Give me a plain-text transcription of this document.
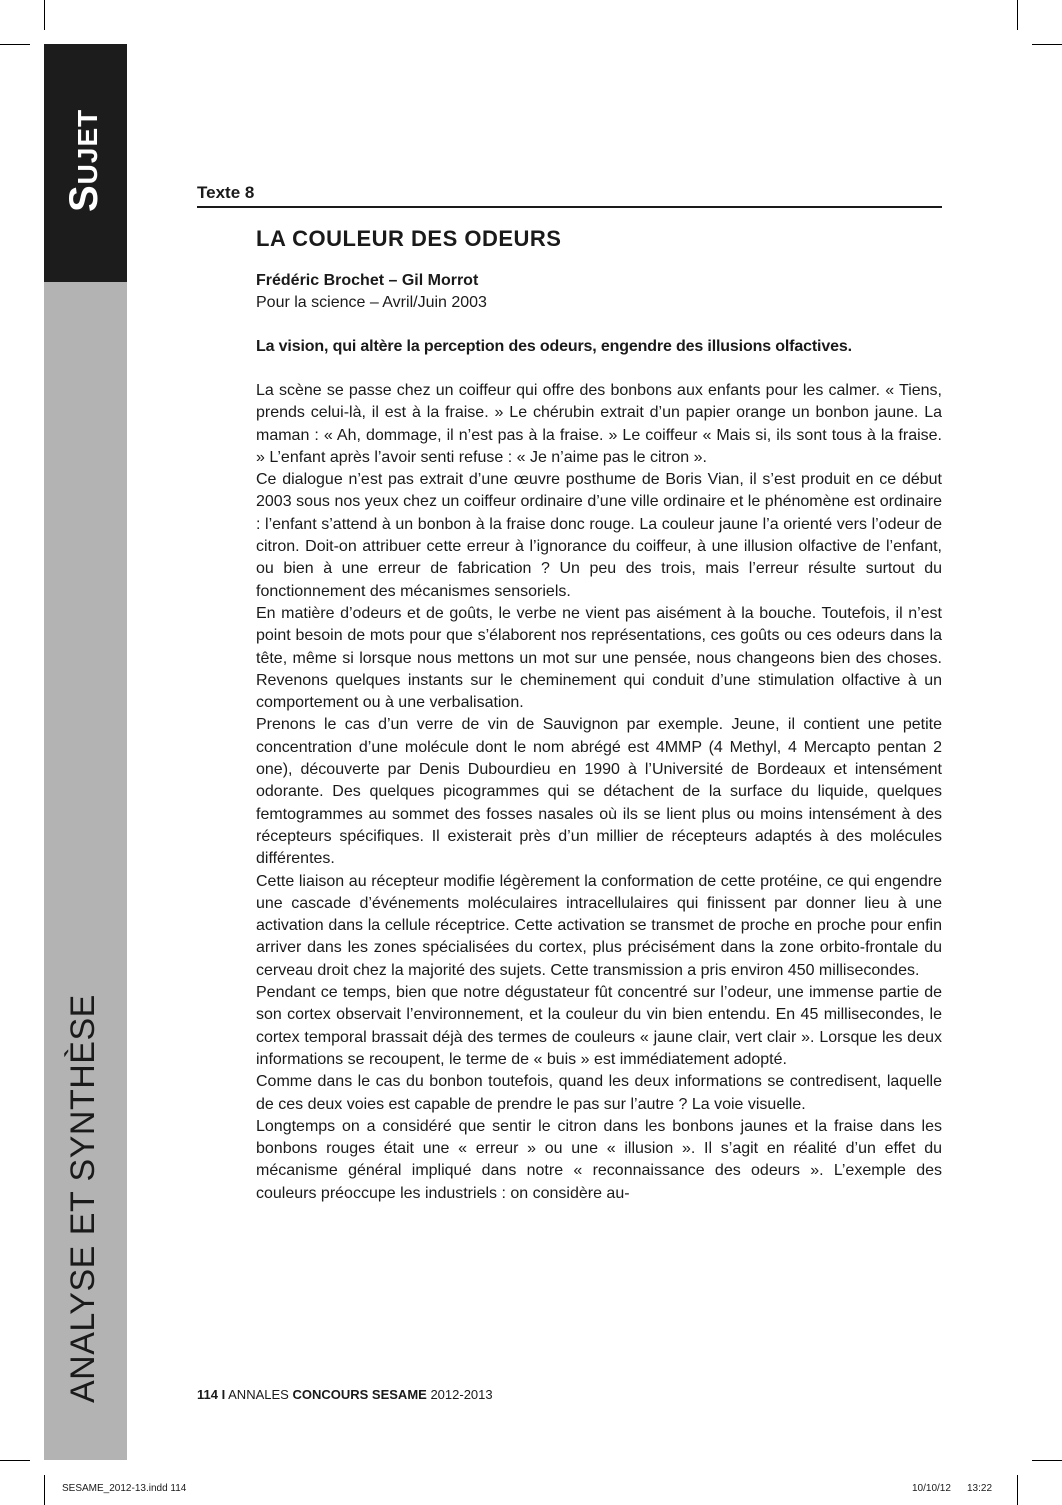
Sujet
ANALYSE ET SYNTHÈSE
Texte 8
LA COULEUR DES ODEURS
Frédéric Brochet – Gil Morrot
Pour la science – Avril/Juin 2003
La vision, qui altère la perception des odeurs, engendre des illusions olfactives.

La scène se passe chez un coiffeur qui offre des bonbons aux enfants pour les calmer. « Tiens, prends celui-là, il est à la fraise. » Le chérubin extrait d’un papier orange un bonbon jaune. La maman : « Ah, dommage, il n’est pas à la fraise. » Le coiffeur « Mais si, ils sont tous à la fraise. » L’enfant après l’avoir senti refuse : « Je n’aime pas le citron ».

Ce dialogue n’est pas extrait d’une œuvre posthume de Boris Vian, il s’est produit en ce début 2003 sous nos yeux chez un coiffeur ordinaire d’une ville ordinaire et le phénomène est ordinaire : l’enfant s’attend à un bonbon à la fraise donc rouge. La couleur jaune l’a orienté vers l’odeur de citron. Doit-on attribuer cette erreur à l’ignorance du coiffeur, à une illusion olfactive de l’enfant, ou bien à une erreur de fabrication ? Un peu des trois, mais l’erreur résulte surtout du fonctionnement des mécanismes sensoriels.

En matière d’odeurs et de goûts, le verbe ne vient pas aisément à la bouche. Toutefois, il n’est point besoin de mots pour que s’élaborent nos représentations, ces goûts ou ces odeurs dans la tête, même si lorsque nous mettons un mot sur une pensée, nous changeons bien des choses. Revenons quelques instants sur le cheminement qui conduit d’une stimulation olfactive à un comportement ou à une verbalisation.

Prenons le cas d’un verre de vin de Sauvignon par exemple. Jeune, il contient une petite concentration d’une molécule dont le nom abrégé est 4MMP (4 Methyl, 4 Mercapto pentan 2 one), découverte par Denis Dubourdieu en 1990 à l’Université de Bordeaux et intensément odorante. Des quelques picogrammes qui se détachent de la surface du liquide, quelques femtogrammes au sommet des fosses nasales où ils se lient plus ou moins intensément à des récepteurs spécifiques. Il existerait près d’un millier de récepteurs adaptés à des molécules différentes.

Cette liaison au récepteur modifie légèrement la conformation de cette protéine, ce qui engendre une cascade d’événements moléculaires intracellulaires qui finissent par donner lieu à une activation dans la cellule réceptrice. Cette activation se transmet de proche en proche pour enfin arriver dans les zones spécialisées du cortex, plus précisément dans la zone orbito-frontale du cerveau droit chez la majorité des sujets. Cette transmission a pris environ 450 millisecondes.

Pendant ce temps, bien que notre dégustateur fût concentré sur l’odeur, une immense partie de son cortex observait l’environnement, et la couleur du vin bien entendu. En 45 millisecondes, le cortex temporal brassait déjà des termes de couleurs « jaune clair, vert clair ». Lorsque les deux informations se recoupent, le terme de « buis » est immédiatement adopté.

Comme dans le cas du bonbon toutefois, quand les deux informations se contredisent, laquelle de ces deux voies est capable de prendre le pas sur l’autre ? La voie visuelle.

Longtemps on a considéré que sentir le citron dans les bonbons jaunes et la fraise dans les bonbons rouges était une « erreur » ou une « illusion ». Il s’agit en réalité d’un effet du mécanisme général impliqué dans notre « reconnaissance des odeurs ». L’exemple des couleurs préoccupe les industriels : on considère au-

114 I ANNALES CONCOURS SESAME 2012-2013
SESAME_2012-13.indd 114	10/10/12 13:22
